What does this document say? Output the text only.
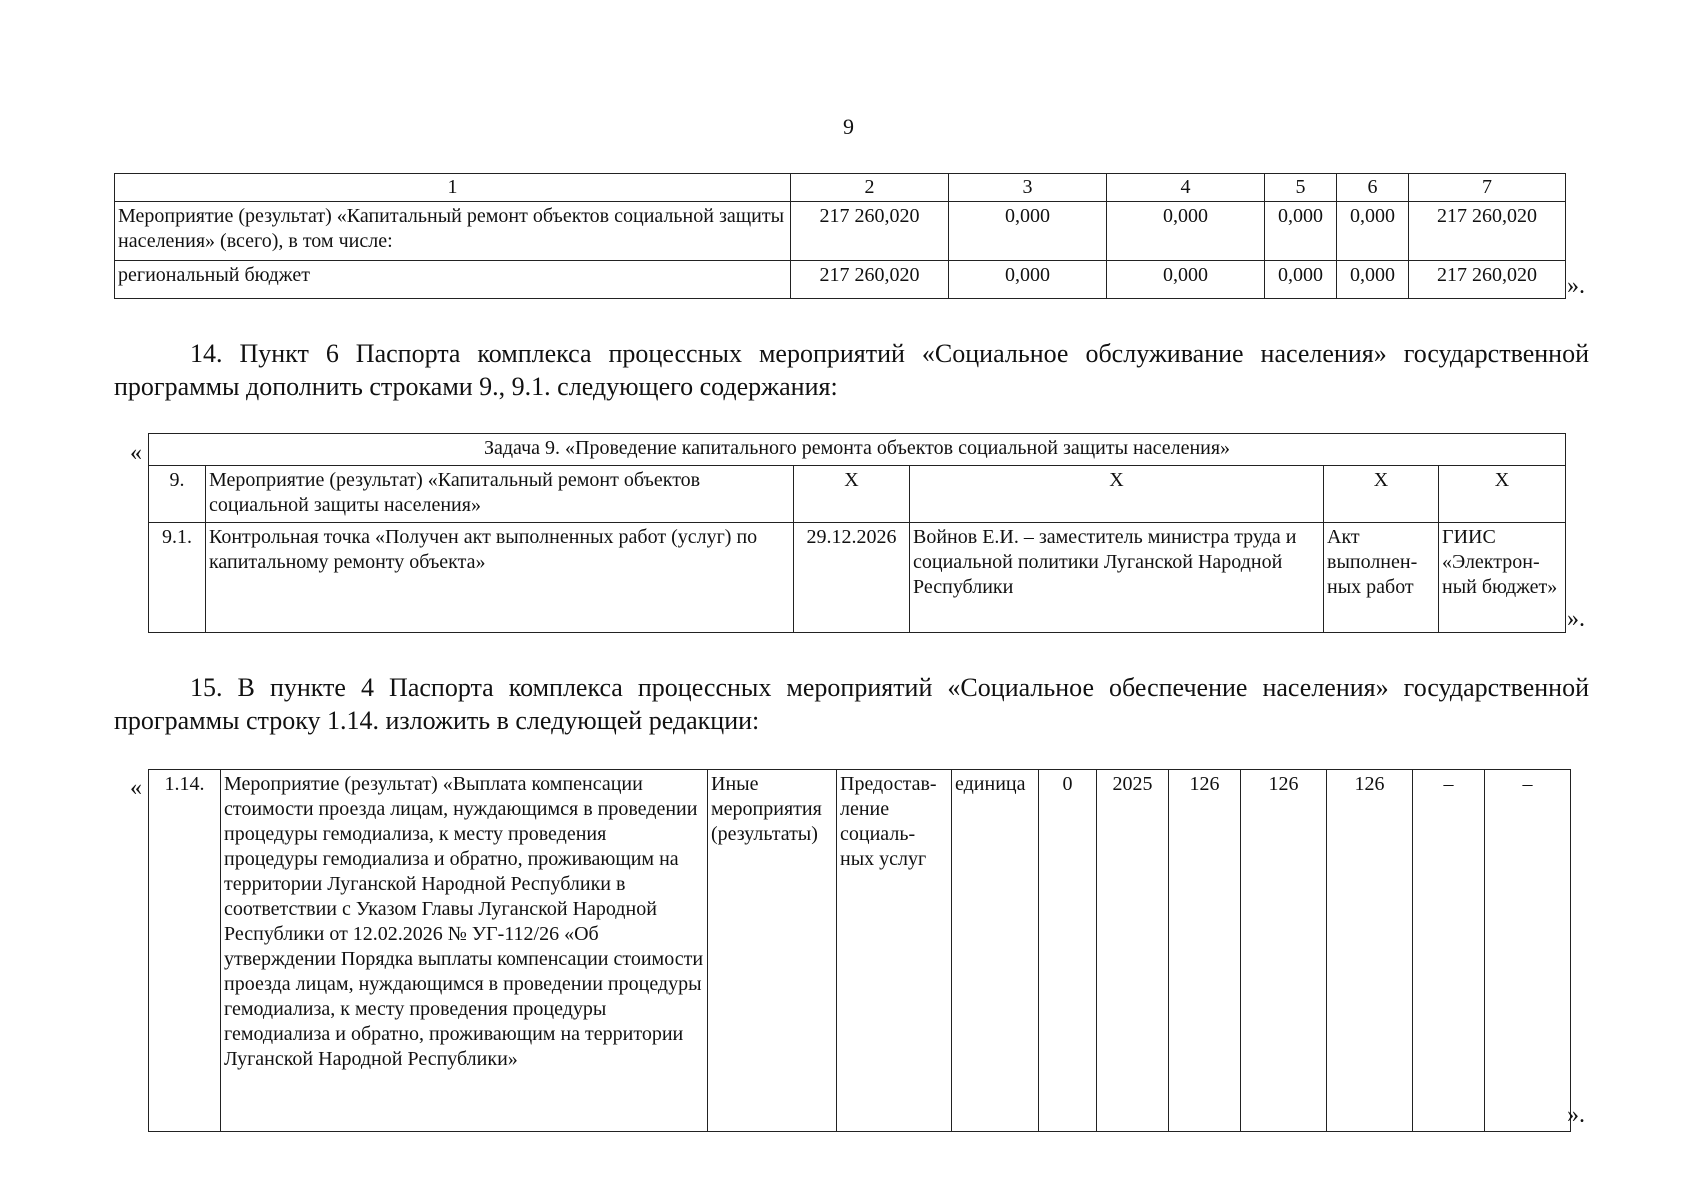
9
1	2	3	4	5	6	7
Мероприятие (результат) «Капитальный ремонт объектов социальной защиты населения» (всего), в том числе:	217 260,020	0,000	0,000	0,000	0,000	217 260,020
региональный бюджет	217 260,020	0,000	0,000	0,000	0,000	217 260,020 ».
14. Пункт 6 Паспорта комплекса процессных мероприятий «Социальное обслуживание населения» государственной программы дополнить строками 9., 9.1. следующего содержания:
«	Задача 9. «Проведение капитального ремонта объектов социальной защиты населения»					
9.	Мероприятие (результат) «Капитальный ремонт объектов социальной защиты населения»	Х	Х	Х	Х
9.1.	Контрольная точка «Получен акт выполненных работ (услуг) по капитальному ремонту объекта»	29.12.2026	Войнов Е.И. – заместитель министра труда и социальной политики Луганской Народной Республики	Акт выполнен-ных работ	ГИИС «Электрон-ный бюджет»
».
15. В пункте 4 Паспорта комплекса процессных мероприятий «Социальное обеспечение населения» государственной программы строку 1.14. изложить в следующей редакции:
« 1.14.	Мероприятие (результат) «Выплата компенсации стоимости проезда лицам, нуждающимся в проведении процедуры гемодиализа, к месту проведения процедуры гемодиализа и обратно, проживающим на территории Луганской Народной Республики в соответствии с Указом Главы Луганской Народной Республики от 12.02.2026 № УГ-112/26 «Об утверждении Порядка выплаты компенсации стоимости проезда лицам, нуждающимся в проведении процедуры гемодиализа, к месту проведения процедуры гемодиализа и обратно, проживающим на территории Луганской Народной Республики»	Иные мероприятия (результаты)	Предостав-ление социаль-ных услуг	единица	0	2025	126	126	126	–	–
».
